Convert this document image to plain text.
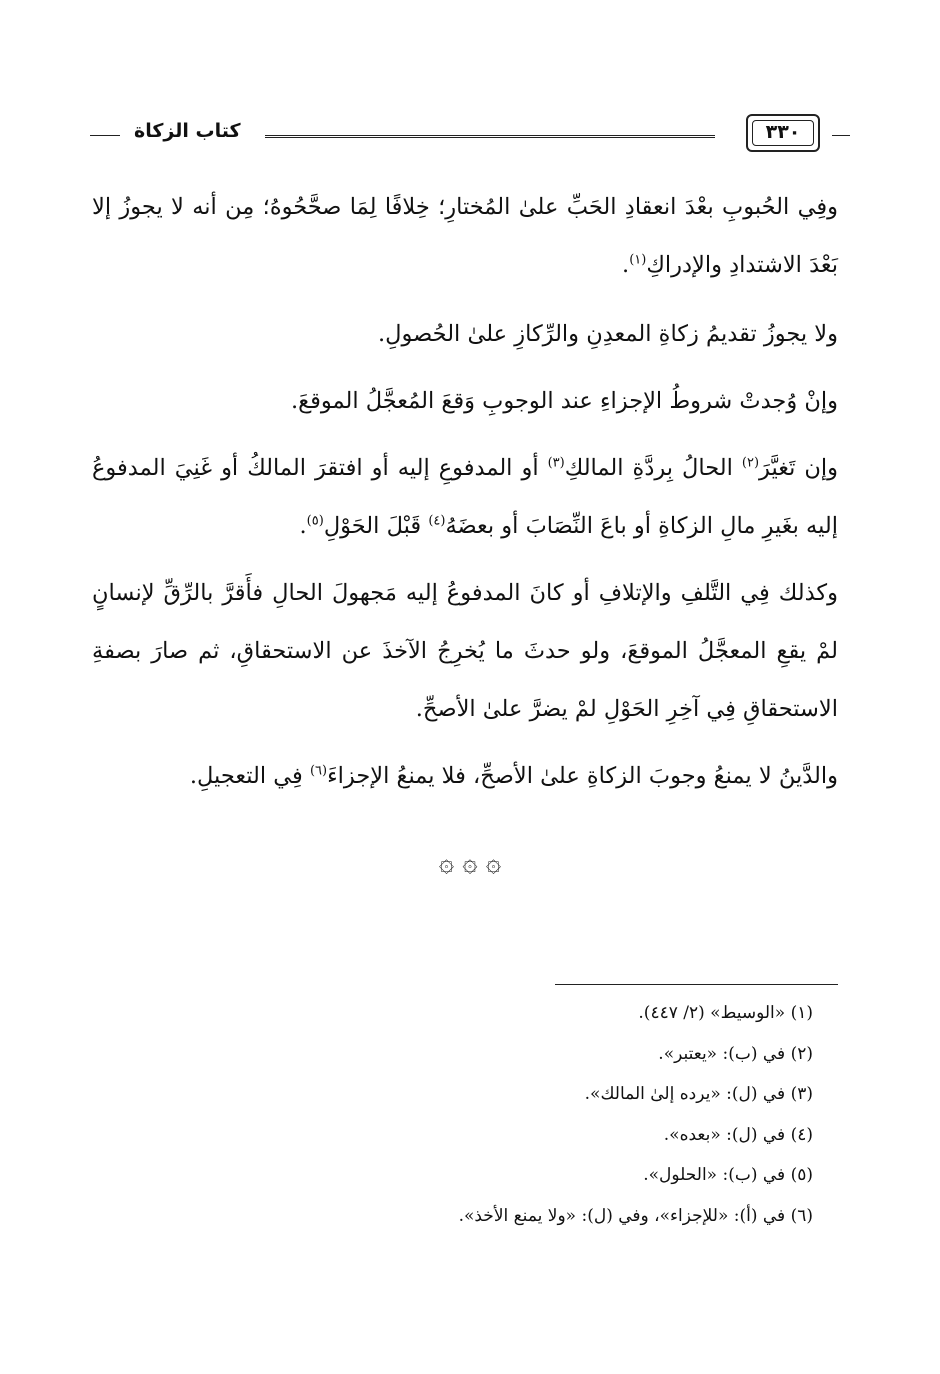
كتاب الزكاة	٣٣٠

وفِي الحُبوبِ بعْدَ انعقادِ الحَبِّ علىٰ المُختارِ؛ خِلافًا لِمَا صحَّحُوهُ؛ مِن أنه لا يجوزُ إلا بَعْدَ الاشتدادِ والإدراكِ$^{(١)}$.

ولا يجوزُ تقديمُ زكاةِ المعدِنِ والرِّكازِ علىٰ الحُصولِ.

وإنْ وُجدتْ شروطُ الإجزاءِ عند الوجوبِ وَقعَ المُعجَّلُ الموقعَ.

وإن تَغيَّرَ$^{(٢)}$ الحالُ بِردَّةِ المالكِ$^{(٣)}$ أو المدفوعِ إليه أو افتقرَ المالكُ أو غَنِيَ المدفوعُ إليه بغَيرِ مالِ الزكاةِ أو باعَ النِّصَابَ أو بعضَهُ$^{(٤)}$ قَبْلَ الحَوْلِ$^{(٥)}$.

وكذلك فِي التَّلفِ والإتلافِ أو كانَ المدفوعُ إليه مَجهولَ الحالِ فأَقرَّ بالرِّقِّ لإنسانٍ لمْ يقعِ المعجَّلُ الموقعَ، ولو حدثَ ما يُخرِجُ الآخذَ عن الاستحقاقِ، ثم صارَ بصفةِ الاستحقاقِ فِي آخِرِ الحَوْلِ لمْ يضرَّ علىٰ الأصحِّ.

والدَّينُ لا يمنعُ وجوبَ الزكاةِ علىٰ الأصحِّ، فلا يمنعُ الإجزاءَ$^{(٦)}$ فِي التعجيلِ.

۞ ۞ ۞
(١) «الوسيط» (٢/ ٤٤٧).
(٢) في (ب): «يعتبر».
(٣) في (ل): «يرده إلىٰ المالك».
(٤) في (ل): «بعده».
(٥) في (ب): «الحلول».
(٦) في (أ): «للإجزاء»، وفي (ل): «ولا يمنع الأخذ».
